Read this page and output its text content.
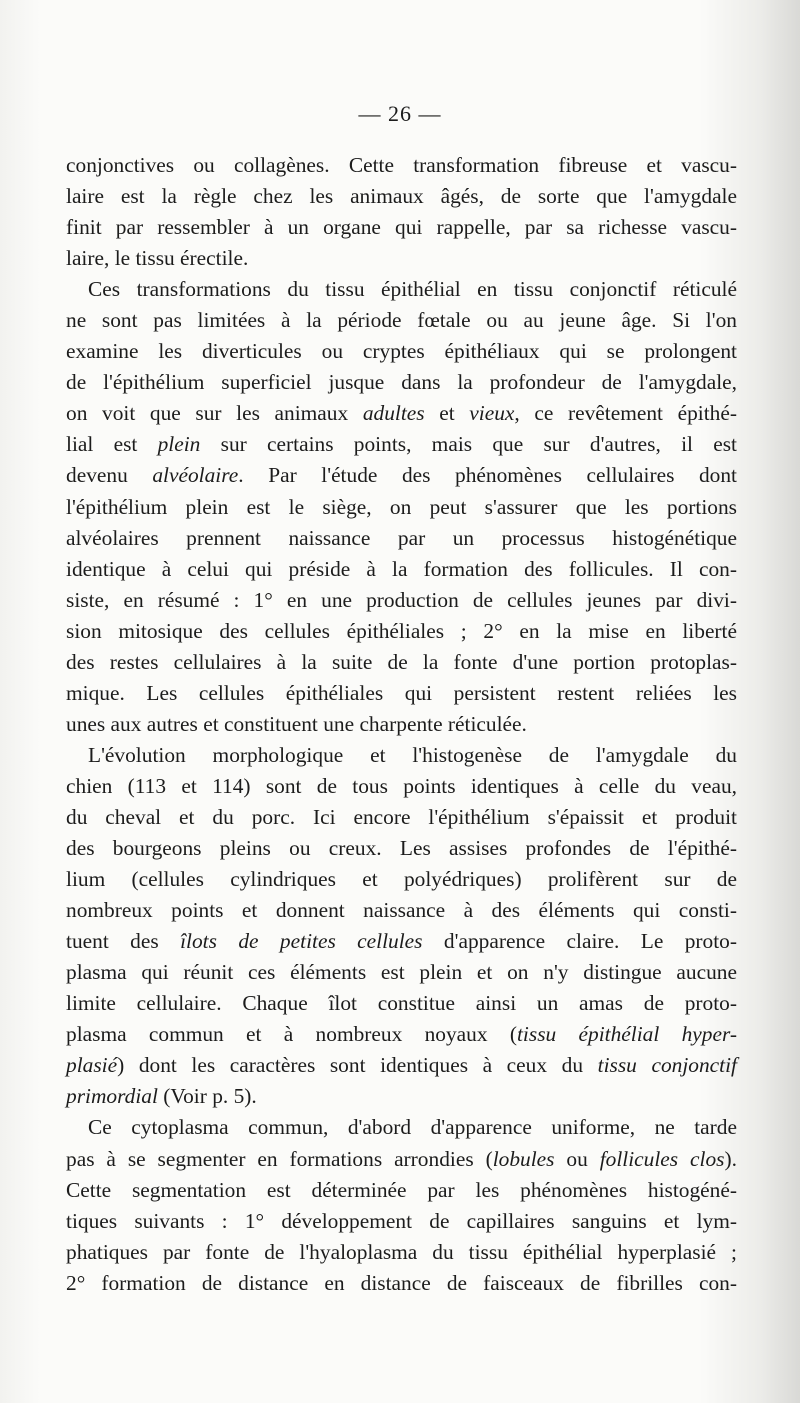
— 26 —

conjonctives ou collagènes. Cette transformation fibreuse et vascu-

laire est la règle chez les animaux âgés, de sorte que l'amygdale

finit par ressembler à un organe qui rappelle, par sa richesse vascu-

laire, le tissu érectile.

Ces transformations du tissu épithélial en tissu conjonctif réticulé

ne sont pas limitées à la période fœtale ou au jeune âge. Si l'on

examine les diverticules ou cryptes épithéliaux qui se prolongent

de l'épithélium superficiel jusque dans la profondeur de l'amygdale,

on voit que sur les animaux adultes et vieux, ce revêtement épithé-

lial est plein sur certains points, mais que sur d'autres, il est

devenu alvéolaire. Par l'étude des phénomènes cellulaires dont

l'épithélium plein est le siège, on peut s'assurer que les portions

alvéolaires prennent naissance par un processus histogénétique

identique à celui qui préside à la formation des follicules. Il con-

siste, en résumé : 1° en une production de cellules jeunes par divi-

sion mitosique des cellules épithéliales ; 2° en la mise en liberté

des restes cellulaires à la suite de la fonte d'une portion protoplas-

mique. Les cellules épithéliales qui persistent restent reliées les

unes aux autres et constituent une charpente réticulée.

L'évolution morphologique et l'histogenèse de l'amygdale du

chien (113 et 114) sont de tous points identiques à celle du veau,

du cheval et du porc. Ici encore l'épithélium s'épaissit et produit

des bourgeons pleins ou creux. Les assises profondes de l'épithé-

lium (cellules cylindriques et polyédriques) prolifèrent sur de

nombreux points et donnent naissance à des éléments qui consti-

tuent des îlots de petites cellules d'apparence claire. Le proto-

plasma qui réunit ces éléments est plein et on n'y distingue aucune

limite cellulaire. Chaque îlot constitue ainsi un amas de proto-

plasma commun et à nombreux noyaux (tissu épithélial hyper-

plasié) dont les caractères sont identiques à ceux du tissu conjonctif

primordial (Voir p. 5).

Ce cytoplasma commun, d'abord d'apparence uniforme, ne tarde

pas à se segmenter en formations arrondies (lobules ou follicules clos).

Cette segmentation est déterminée par les phénomènes histogéné-

tiques suivants : 1° développement de capillaires sanguins et lym-

phatiques par fonte de l'hyaloplasma du tissu épithélial hyperplasié ;

2° formation de distance en distance de faisceaux de fibrilles con-
